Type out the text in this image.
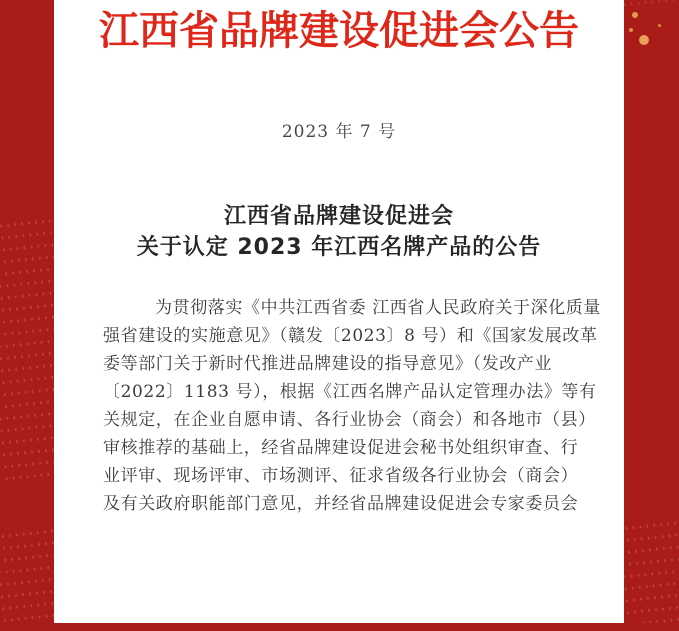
江西省品牌建设促进会公告
2023 年 7 号
江西省品牌建设促进会
关于认定 2023 年江西名牌产品的公告
为贯彻落实《中共江西省委 江西省人民政府关于深化质量
强省建设的实施意见》（赣发〔2023〕8 号）和《国家发展改革
委等部门关于新时代推进品牌建设的指导意见》（发改产业
〔2022〕1183 号），根据《江西名牌产品认定管理办法》等有
关规定，在企业自愿申请、各行业协会（商会）和各地市（县）
审核推荐的基础上，经省品牌建设促进会秘书处组织审查、行
业评审、现场评审、市场测评、征求省级各行业协会（商会）
及有关政府职能部门意见，并经省品牌建设促进会专家委员会
